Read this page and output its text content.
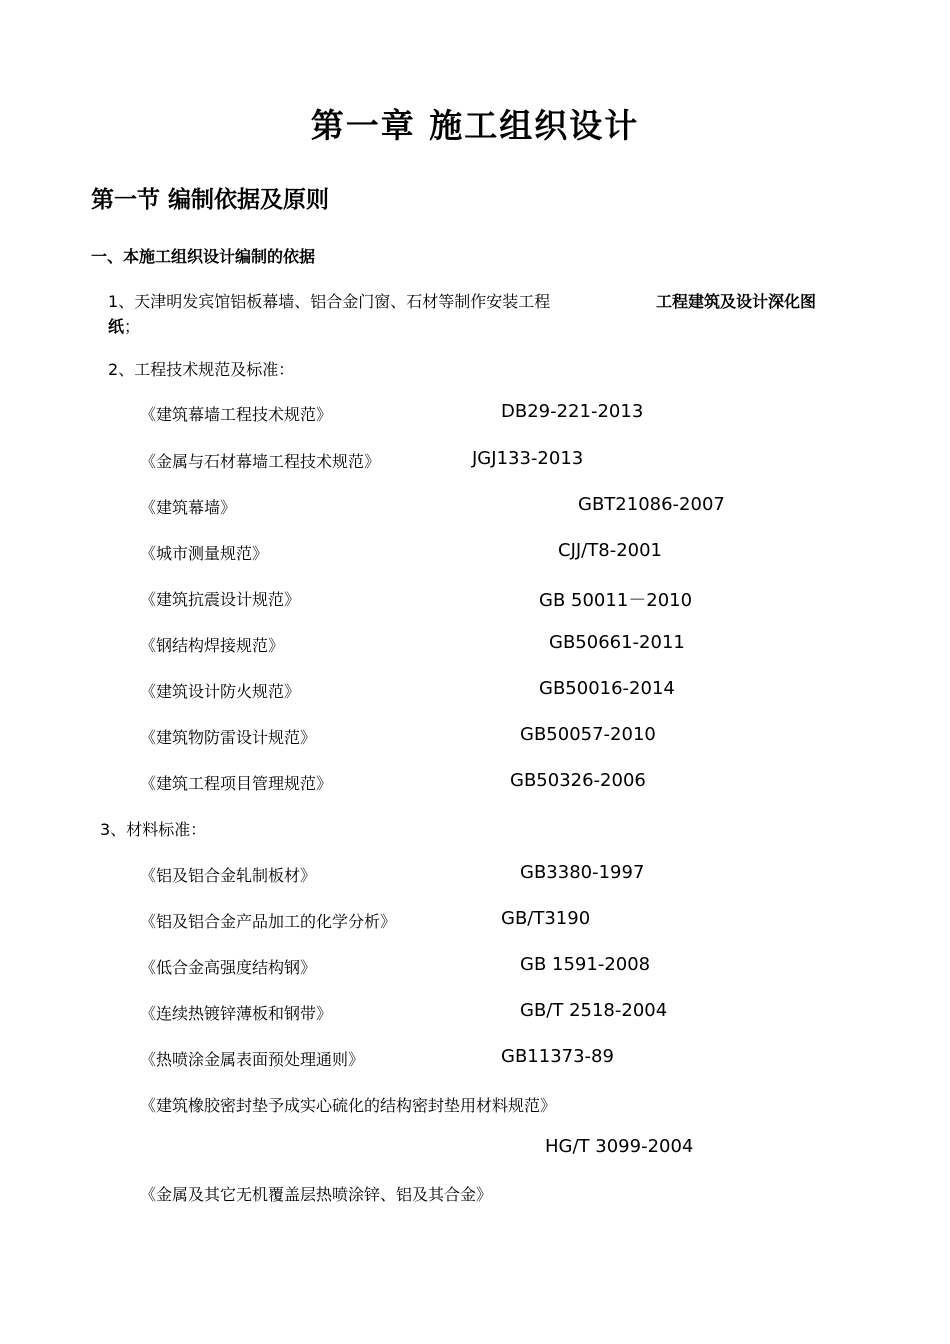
第一章 施工组织设计
第一节 编制依据及原则
一、本施工组织设计编制的依据
1、天津明发宾馆铝板幕墙、铝合金门窗、石材等制作安装工程	工程建筑及设计深化图
纸；
2、工程技术规范及标准：
《建筑幕墙工程技术规范》	DB29-221-2013
《金属与石材幕墙工程技术规范》	JGJ133-2013
《建筑幕墙》	GBT21086-2007
《城市测量规范》	CJJ/T8-2001
《建筑抗震设计规范》	GB 50011－2010
《钢结构焊接规范》	GB50661-2011
《建筑设计防火规范》	GB50016-2014
《建筑物防雷设计规范》	GB50057-2010
《建筑工程项目管理规范》	GB50326-2006
3、材料标准：
《铝及铝合金轧制板材》	GB3380-1997
《铝及铝合金产品加工的化学分析》	GB/T3190
《低合金高强度结构钢》	GB 1591-2008
《连续热镀锌薄板和钢带》	GB/T 2518-2004
《热喷涂金属表面预处理通则》	GB11373-89
《建筑橡胶密封垫予成实心硫化的结构密封垫用材料规范》
HG/T 3099-2004
《金属及其它无机覆盖层热喷涂锌、铝及其合金》
